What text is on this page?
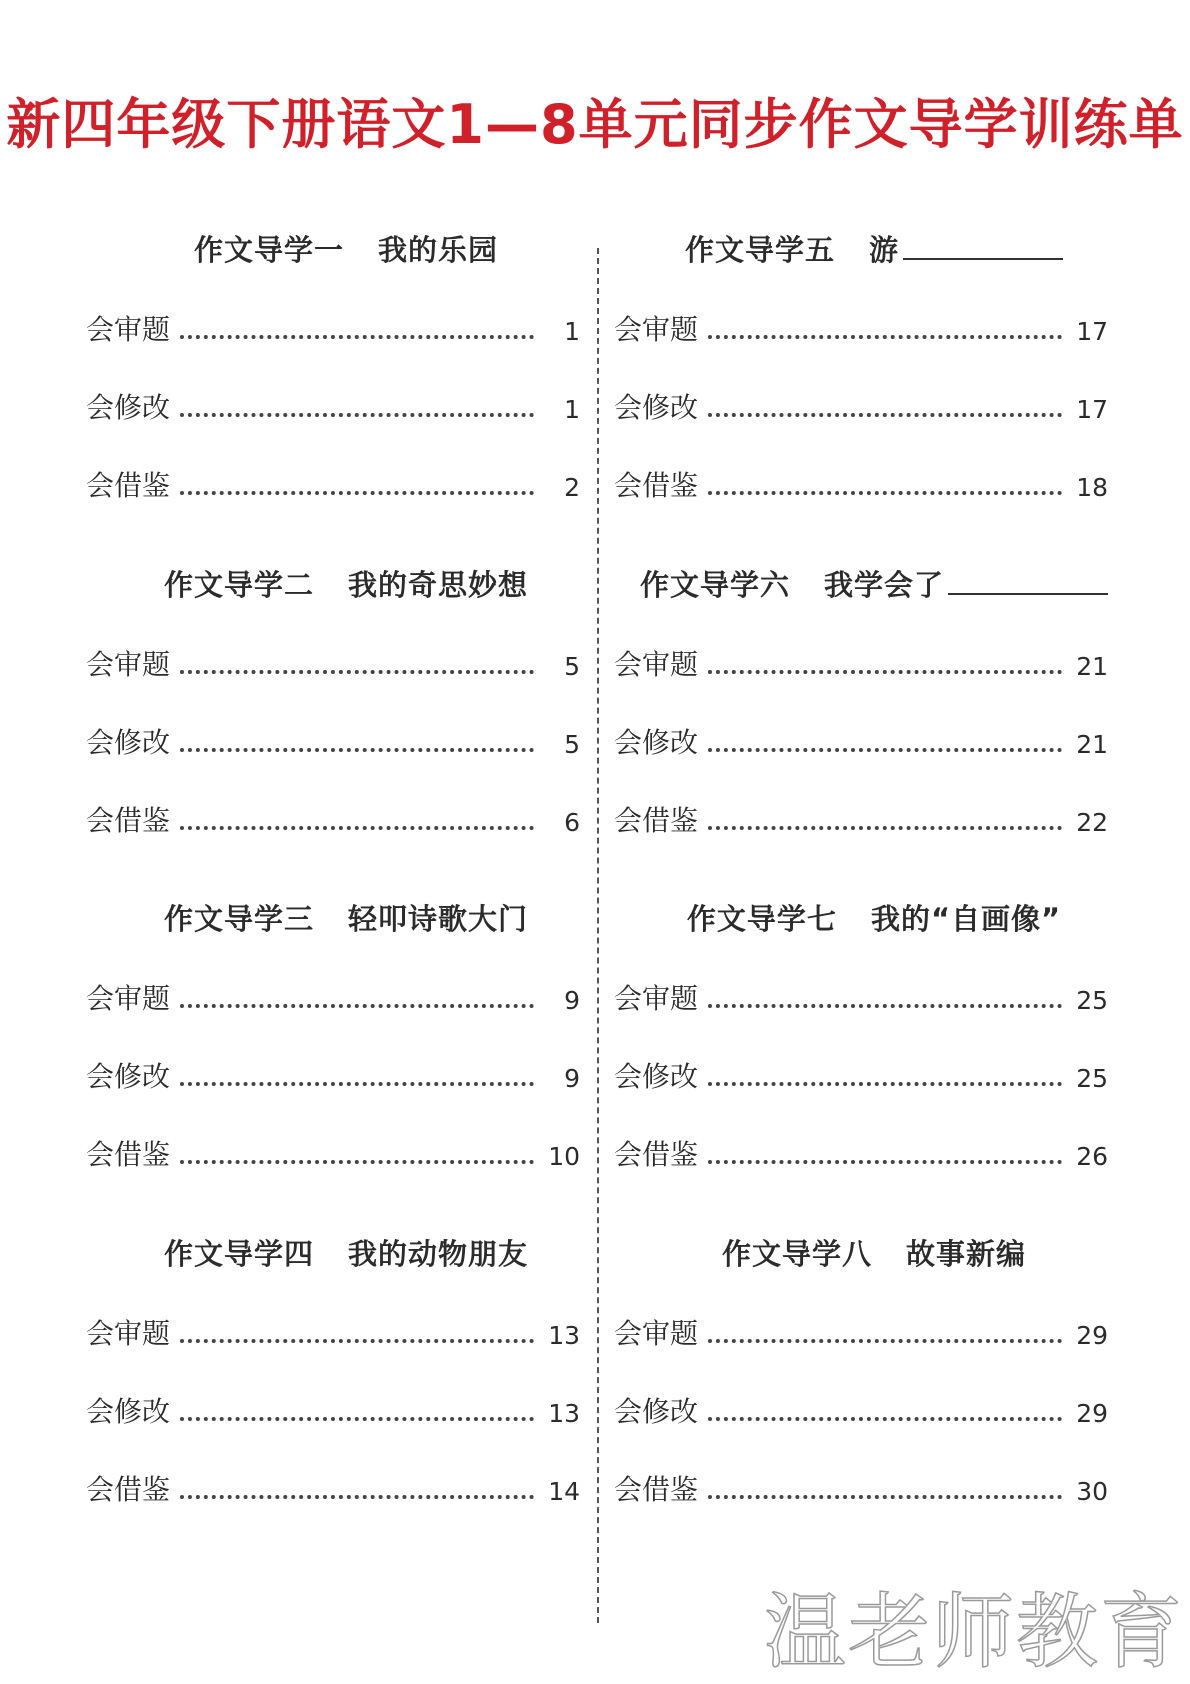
新四年级下册语文1—8单元同步作文导学训练单
作文导学一 我的乐园
会审题	1
会修改	1
会借鉴	2
作文导学二 我的奇思妙想
会审题	5
会修改	5
会借鉴	6
作文导学三 轻叩诗歌大门
会审题	9
会修改	9
会借鉴	10
作文导学四 我的动物朋友
会审题	13
会修改	13
会借鉴	14
作文导学五 游
会审题	17
会修改	17
会借鉴	18
作文导学六 我学会了
会审题	21
会修改	21
会借鉴	22
作文导学七 我的“自画像”
会审题	25
会修改	25
会借鉴	26
作文导学八 故事新编
会审题	29
会修改	29
会借鉴	30
温老师教育
